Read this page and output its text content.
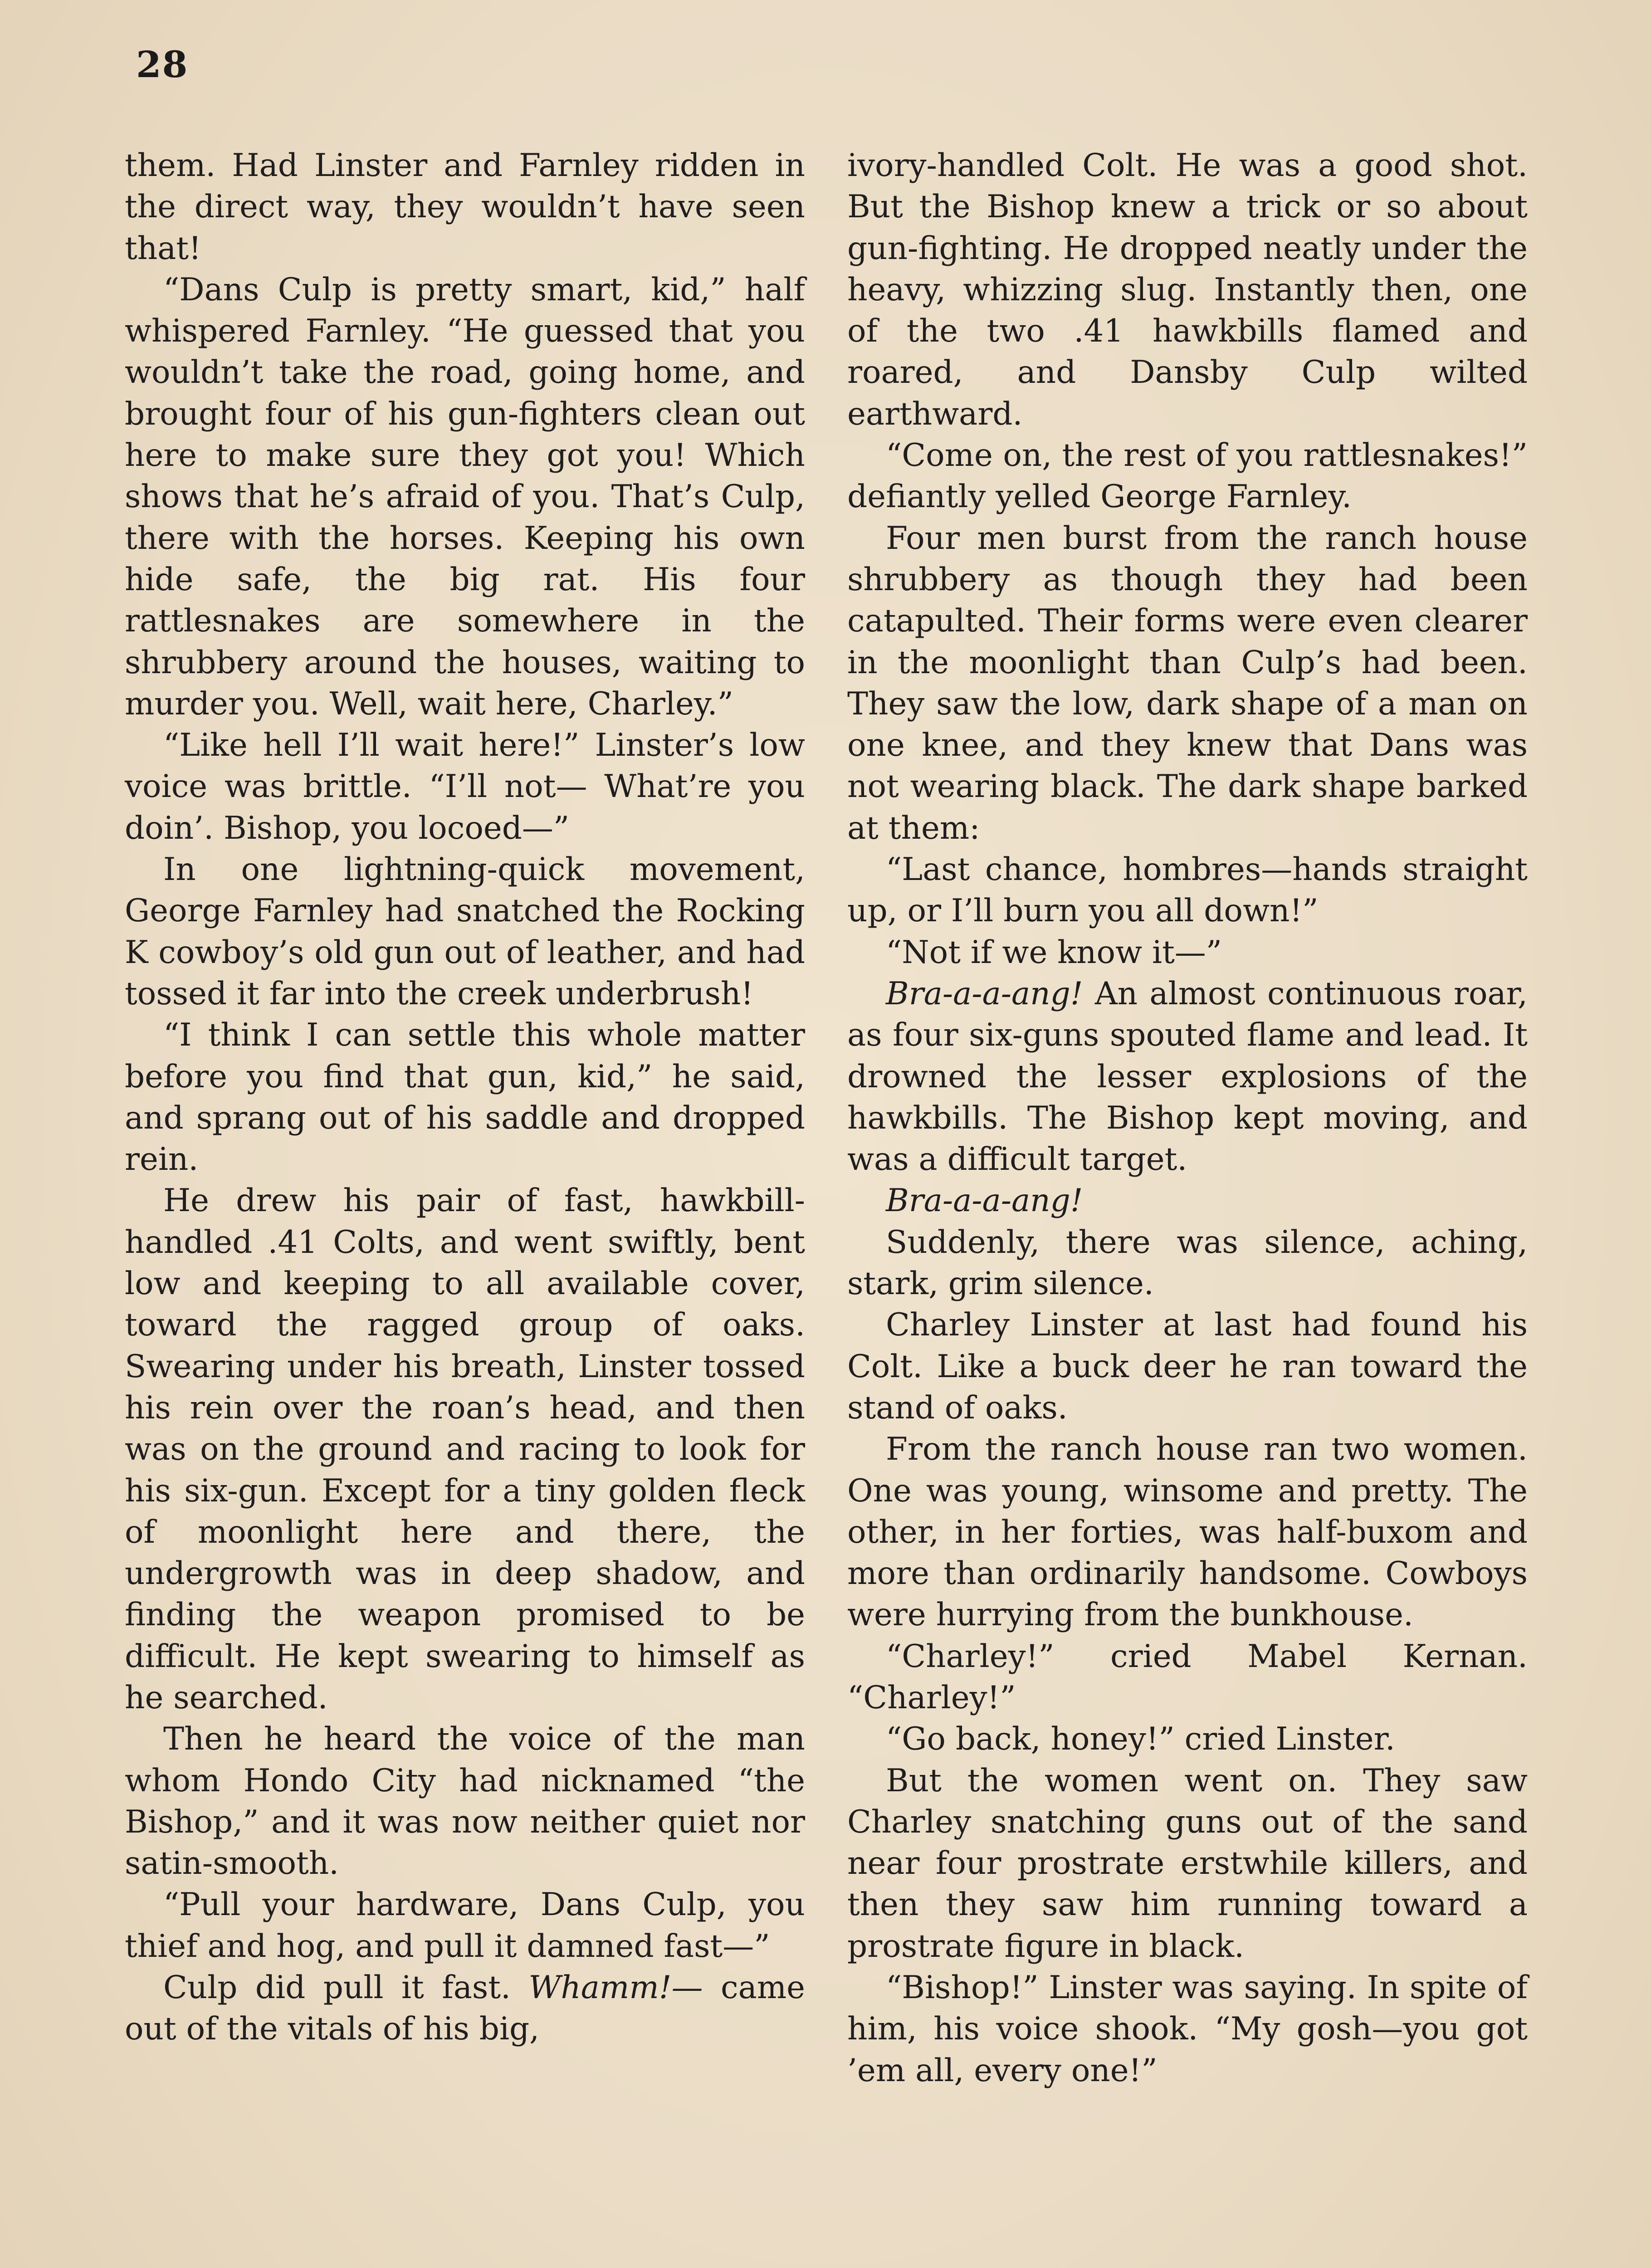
28

them. Had Linster and Farnley ridden in the direct way, they wouldn’t have seen that!

“Dans Culp is pretty smart, kid,” half whispered Farnley. “He guessed that you wouldn’t take the road, going home, and brought four of his gun-fighters clean out here to make sure they got you! Which shows that he’s afraid of you. That’s Culp, there with the horses. Keeping his own hide safe, the big rat. His four rattlesnakes are somewhere in the shrubbery around the houses, waiting to murder you. Well, wait here, Charley.”

“Like hell I’ll wait here!” Linster’s low voice was brittle. “I’ll not— What’re you doin’. Bishop, you locoed—”

In one lightning-quick movement, George Farnley had snatched the Rocking K cowboy’s old gun out of leather, and had tossed it far into the creek underbrush!

“I think I can settle this whole matter before you find that gun, kid,” he said, and sprang out of his saddle and dropped rein.

He drew his pair of fast, hawkbill-handled .41 Colts, and went swiftly, bent low and keeping to all available cover, toward the ragged group of oaks. Swearing under his breath, Linster tossed his rein over the roan’s head, and then was on the ground and racing to look for his six-gun. Except for a tiny golden fleck of moonlight here and there, the undergrowth was in deep shadow, and finding the weapon promised to be difficult. He kept swearing to himself as he searched.

Then he heard the voice of the man whom Hondo City had nicknamed “the Bishop,” and it was now neither quiet nor satin-smooth.

“Pull your hardware, Dans Culp, you thief and hog, and pull it damned fast—”

Culp did pull it fast. Whamm!— came out of the vitals of his big,

ivory-handled Colt. He was a good shot. But the Bishop knew a trick or so about gun-fighting. He dropped neatly under the heavy, whizzing slug. Instantly then, one of the two .41 hawkbills flamed and roared, and Dansby Culp wilted earthward.

“Come on, the rest of you rattlesnakes!” defiantly yelled George Farnley.

Four men burst from the ranch house shrubbery as though they had been catapulted. Their forms were even clearer in the moonlight than Culp’s had been. They saw the low, dark shape of a man on one knee, and they knew that Dans was not wearing black. The dark shape barked at them:

“Last chance, hombres—hands straight up, or I’ll burn you all down!”

“Not if we know it—”

Bra-a-a-ang! An almost continuous roar, as four six-guns spouted flame and lead. It drowned the lesser explosions of the hawkbills. The Bishop kept moving, and was a difficult target.

Bra-a-a-ang!

Suddenly, there was silence, aching, stark, grim silence.

Charley Linster at last had found his Colt. Like a buck deer he ran toward the stand of oaks.

From the ranch house ran two women. One was young, winsome and pretty. The other, in her forties, was half-buxom and more than ordinarily handsome. Cowboys were hurrying from the bunkhouse.

“Charley!” cried Mabel Kernan. “Charley!”

“Go back, honey!” cried Linster.

But the women went on. They saw Charley snatching guns out of the sand near four prostrate erstwhile killers, and then they saw him running toward a prostrate figure in black.

“Bishop!” Linster was saying. In spite of him, his voice shook. “My gosh—you got ’em all, every one!”
